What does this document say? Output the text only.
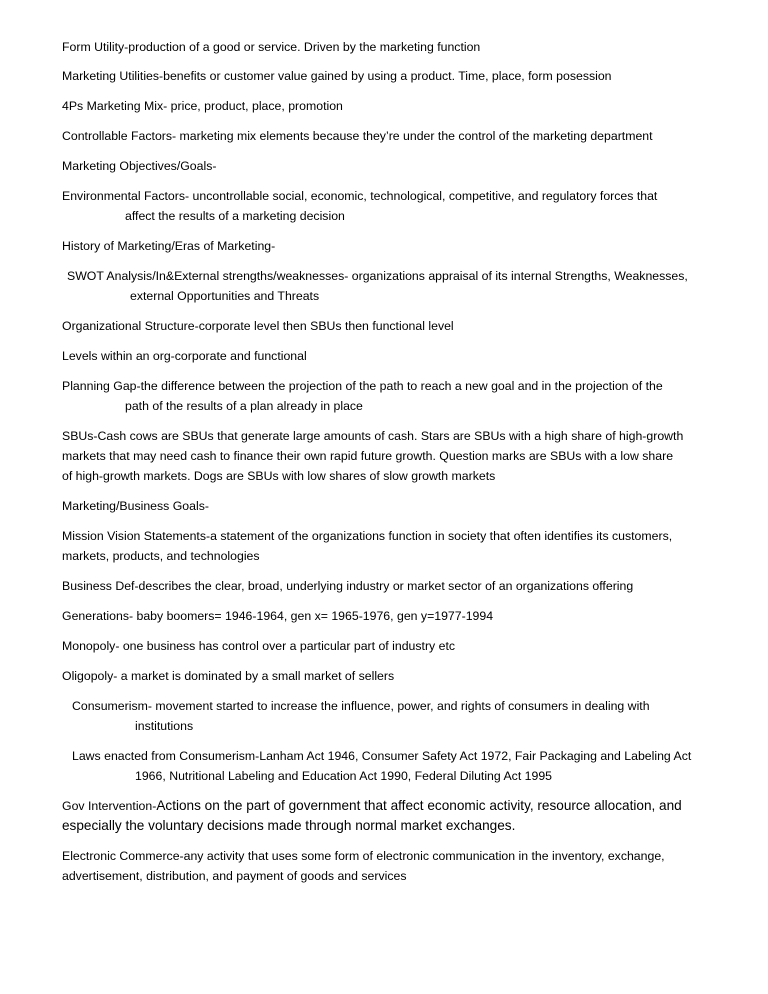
Form Utility-production of a good or service. Driven by the marketing function
Marketing Utilities-benefits or customer value gained by using a product. Time, place, form posession
4Ps Marketing Mix- price, product, place, promotion
Controllable Factors- marketing mix elements because they’re under the control of the marketing department
Marketing Objectives/Goals-
Environmental Factors- uncontrollable social, economic, technological, competitive, and regulatory forces that
affect the results of a marketing decision
History of Marketing/Eras of Marketing-
SWOT Analysis/In&External strengths/weaknesses- organizations appraisal of its internal Strengths, Weaknesses,
external Opportunities and Threats
Organizational Structure-corporate level then SBUs then functional level
Levels within an org-corporate and functional
Planning Gap-the difference between the projection of the path to reach a new goal and in the projection of the
path of the results of a plan already in place
SBUs-Cash cows are SBUs that generate large amounts of cash. Stars are SBUs with a high share of high-growth
markets that may need cash to finance their own rapid future growth. Question marks are SBUs with a low share
of high-growth markets. Dogs are SBUs with low shares of slow growth markets
Marketing/Business Goals-
Mission Vision Statements-a statement of the organizations function in society that often identifies its customers,
markets, products, and technologies
Business Def-describes the clear, broad, underlying industry or market sector of an organizations offering
Generations- baby boomers= 1946-1964, gen x= 1965-1976, gen y=1977-1994
Monopoly- one business has control over a particular part of industry etc
Oligopoly- a market is dominated by a small market of sellers
Consumerism- movement started to increase the influence, power, and rights of consumers in dealing with
institutions
Laws enacted from Consumerism-Lanham Act 1946, Consumer Safety Act 1972, Fair Packaging and Labeling Act
1966, Nutritional Labeling and Education Act 1990, Federal Diluting Act 1995
Gov Intervention-Actions on the part of government that affect economic activity, resource allocation, and
especially the voluntary decisions made through normal market exchanges.
Electronic Commerce-any activity that uses some form of electronic communication in the inventory, exchange,
advertisement, distribution, and payment of goods and services
